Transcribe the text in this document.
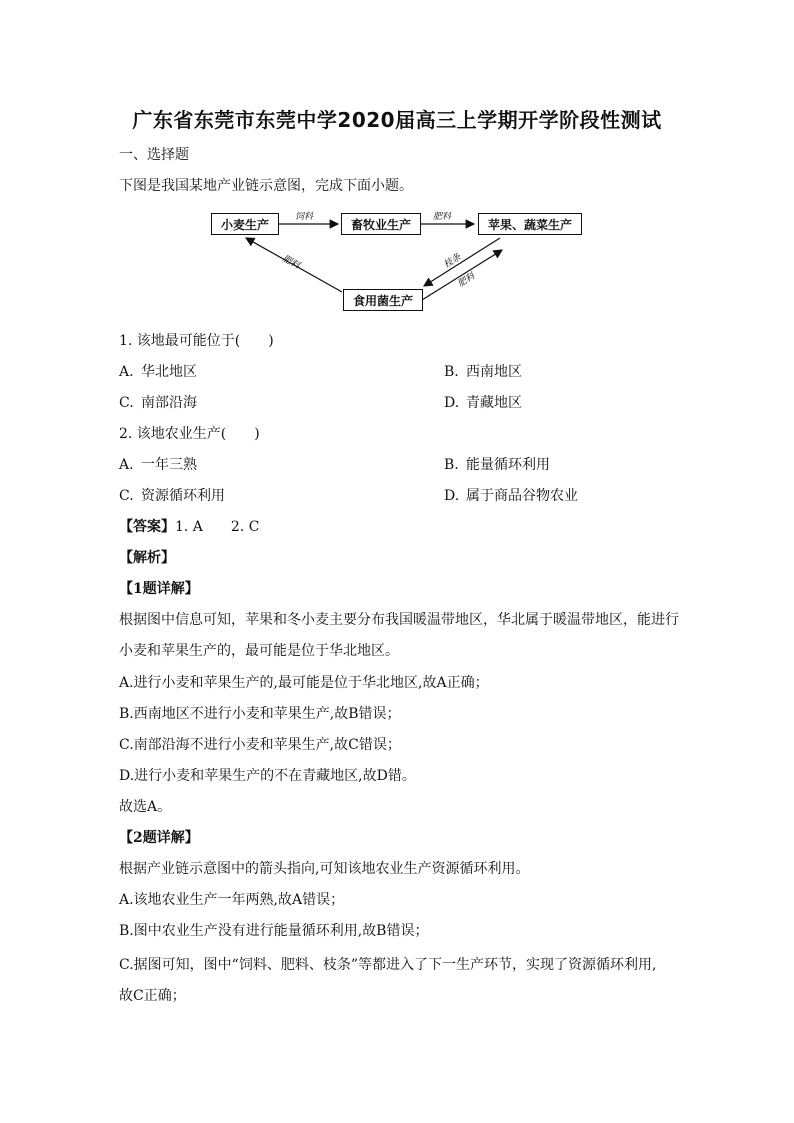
广东省东莞市东莞中学2020届高三上学期开学阶段性测试
一、选择题
下图是我国某地产业链示意图，完成下面小题。
饲料	肥料
肥料	枝条
肥料
小麦生产	畜牧业生产	苹果、蔬菜生产
食用菌生产
1. 该地最可能位于(　　)
A. 华北地区	B. 西南地区
C. 南部沿海	D. 青藏地区
2. 该地农业生产(　　)
A. 一年三熟	B. 能量循环利用
C. 资源循环利用	D. 属于商品谷物农业
【答案】1. A　　2. C
【解析】
【1题详解】
根据图中信息可知，苹果和冬小麦主要分布我国暖温带地区，华北属于暖温带地区，能进行
小麦和苹果生产的，最可能是位于华北地区。
A.进行小麦和苹果生产的,最可能是位于华北地区,故A正确；
B.西南地区不进行小麦和苹果生产,故B错误；
C.南部沿海不进行小麦和苹果生产,故C错误；
D.进行小麦和苹果生产的不在青藏地区,故D错。
故选A。
【2题详解】
根据产业链示意图中的箭头指向,可知该地农业生产资源循环利用。
A.该地农业生产一年两熟,故A错误；
B.图中农业生产没有进行能量循环利用,故B错误；
C.据图可知，图中“饲料、肥料、枝条”等都进入了下一生产环节，实现了资源循环利用,
故C正确；
